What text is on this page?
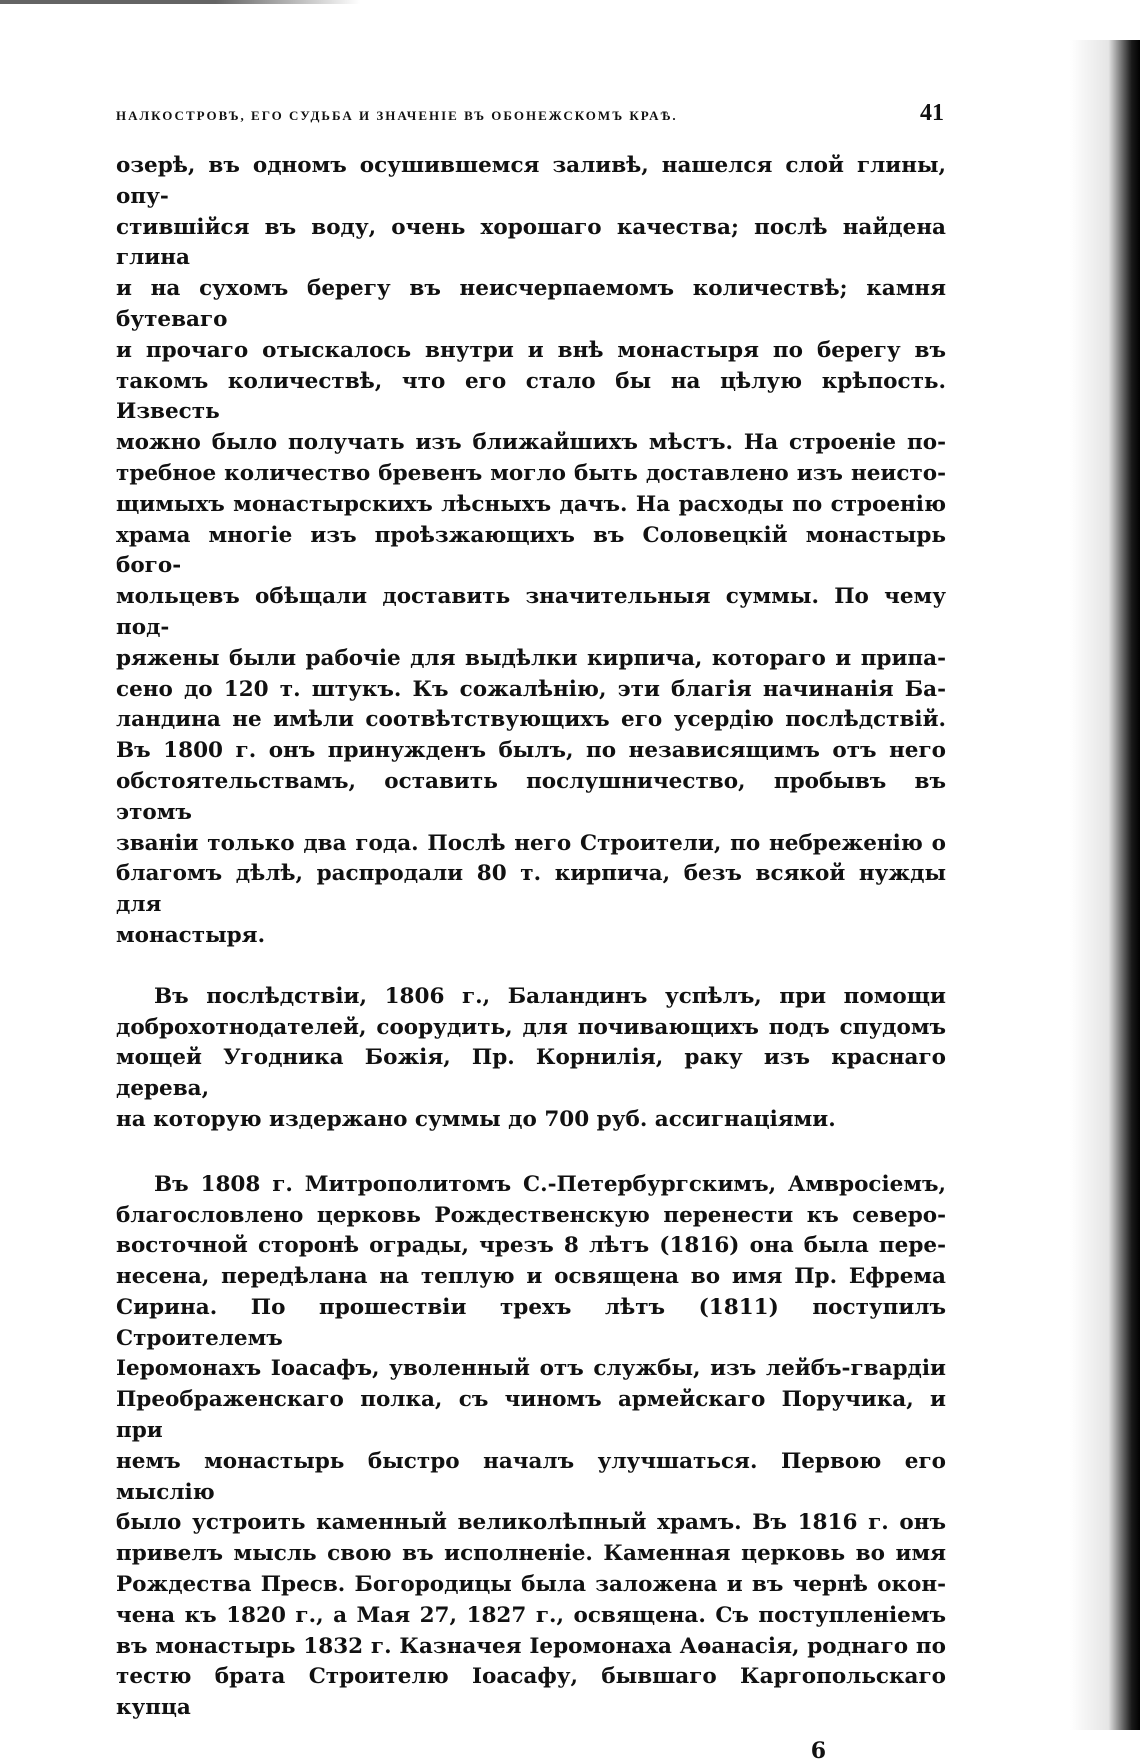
НАЛКОСТРОВЪ, ЕГО СУДЬБА И ЗНАЧЕНІЕ ВЪ ОБОНЕЖСКОМЪ КРАѢ.	41

озерѣ, въ одномъ осушившемся заливѣ, нашелся слой глины, опу-

стившійся въ воду, очень хорошаго качества; послѣ найдена глина

и на сухомъ берегу въ неисчерпаемомъ количествѣ; камня бутеваго

и прочаго отыскалось внутри и внѣ монастыря по берегу въ

такомъ количествѣ, что его стало бы на цѣлую крѣпость. Известь

можно было получать изъ ближайшихъ мѣстъ. На строеніе по-

требное количество бревенъ могло быть доставлено изъ неисто-

щимыхъ монастырскихъ лѣсныхъ дачъ. На расходы по строенію

храма многіе изъ проѣзжающихъ въ Соловецкій монастырь бого-

мольцевъ обѣщали доставить значительныя суммы. По чему под-

ряжены были рабочіе для выдѣлки кирпича, котораго и припа-

сено до 120 т. штукъ. Къ сожалѣнію, эти благія начинанія Ба-

ландина не имѣли соотвѣтствующихъ его усердію послѣдствій.

Въ 1800 г. онъ принужденъ былъ, по независящимъ отъ него

обстоятельствамъ, оставить послушничество, пробывъ въ этомъ

званіи только два года. Послѣ него Строители, по небреженію о

благомъ дѣлѣ, распродали 80 т. кирпича, безъ всякой нужды для

монастыря.

Въ послѣдствіи, 1806 г., Баландинъ успѣлъ, при помощи

доброхотнодателей, соорудить, для почивающихъ подъ спудомъ

мощей Угодника Божія, Пр. Корнилія, раку изъ краснаго дерева,

на которую издержано суммы до 700 руб. ассигнаціями.

Въ 1808 г. Митрополитомъ С.-Петербургскимъ, Амвросіемъ,

благословлено церковь Рождественскую перенести къ северо-

восточной сторонѣ ограды, чрезъ 8 лѣтъ (1816) она была пере-

несена, передѣлана на теплую и освящена во имя Пр. Ефрема

Сирина. По прошествіи трехъ лѣтъ (1811) поступилъ Строителемъ

Іеромонахъ Іоасафъ, уволенный отъ службы, изъ лейбъ-гвардіи

Преображенскаго полка, съ чиномъ армейскаго Поручика, и при

немъ монастырь быстро началъ улучшаться. Первою его мыслію

было устроить каменный великолѣпный храмъ. Въ 1816 г. онъ

привелъ мысль свою въ исполненіе. Каменная церковь во имя

Рождества Пресв. Богородицы была заложена и въ чернѣ окон-

чена къ 1820 г., а Мая 27, 1827 г., освящена. Съ поступленіемъ

въ монастырь 1832 г. Казначея Іеромонаха Аѳанасія, роднаго по

тестю брата Строителю Іоасафу, бывшаго Каргопольскаго купца

6
